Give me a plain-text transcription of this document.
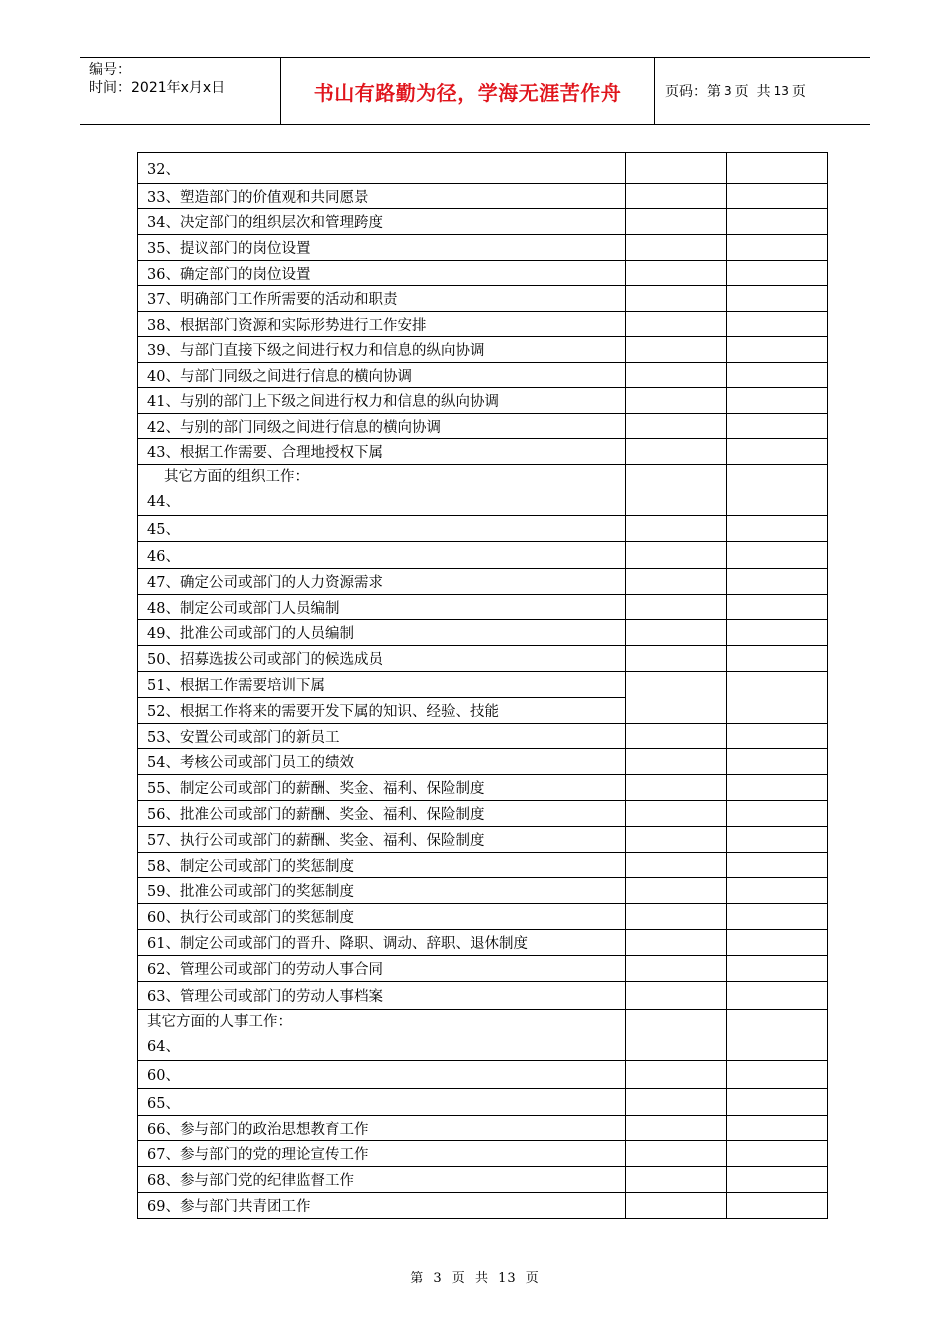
编号：
时间：2021年x月x日	书山有路勤为径，学海无涯苦作舟	页码：第 3 页 共 13 页
32、		
33、塑造部门的价值观和共同愿景		
34、决定部门的组织层次和管理跨度		
35、提议部门的岗位设置		
36、确定部门的岗位设置		
37、明确部门工作所需要的活动和职责		
38、根据部门资源和实际形势进行工作安排		
39、与部门直接下级之间进行权力和信息的纵向协调		
40、与部门同级之间进行信息的横向协调		
41、与别的部门上下级之间进行权力和信息的纵向协调		
42、与别的部门同级之间进行信息的横向协调		
43、根据工作需要、合理地授权下属		

其它方面的组织工作：
44、		

45、		
46、		
47、确定公司或部门的人力资源需求		
48、制定公司或部门人员编制		
49、批准公司或部门的人员编制		
50、招募选拔公司或部门的候选成员		
51、根据工作需要培训下属		
52、根据工作将来的需要开发下属的知识、经验、技能		
53、安置公司或部门的新员工		
54、考核公司或部门员工的绩效		
55、制定公司或部门的薪酬、奖金、福利、保险制度		
56、批准公司或部门的薪酬、奖金、福利、保险制度		
57、执行公司或部门的薪酬、奖金、福利、保险制度		
58、制定公司或部门的奖惩制度		
59、批准公司或部门的奖惩制度		
60、执行公司或部门的奖惩制度		
61、制定公司或部门的晋升、降职、调动、辞职、退休制度		
62、管理公司或部门的劳动人事合同		
63、管理公司或部门的劳动人事档案		

其它方面的人事工作：
64、		

60、		
65、		
66、参与部门的政治思想教育工作		
67、参与部门的党的理论宣传工作		
68、参与部门党的纪律监督工作		
69、参与部门共青团工作		
第 3 页 共 13 页
